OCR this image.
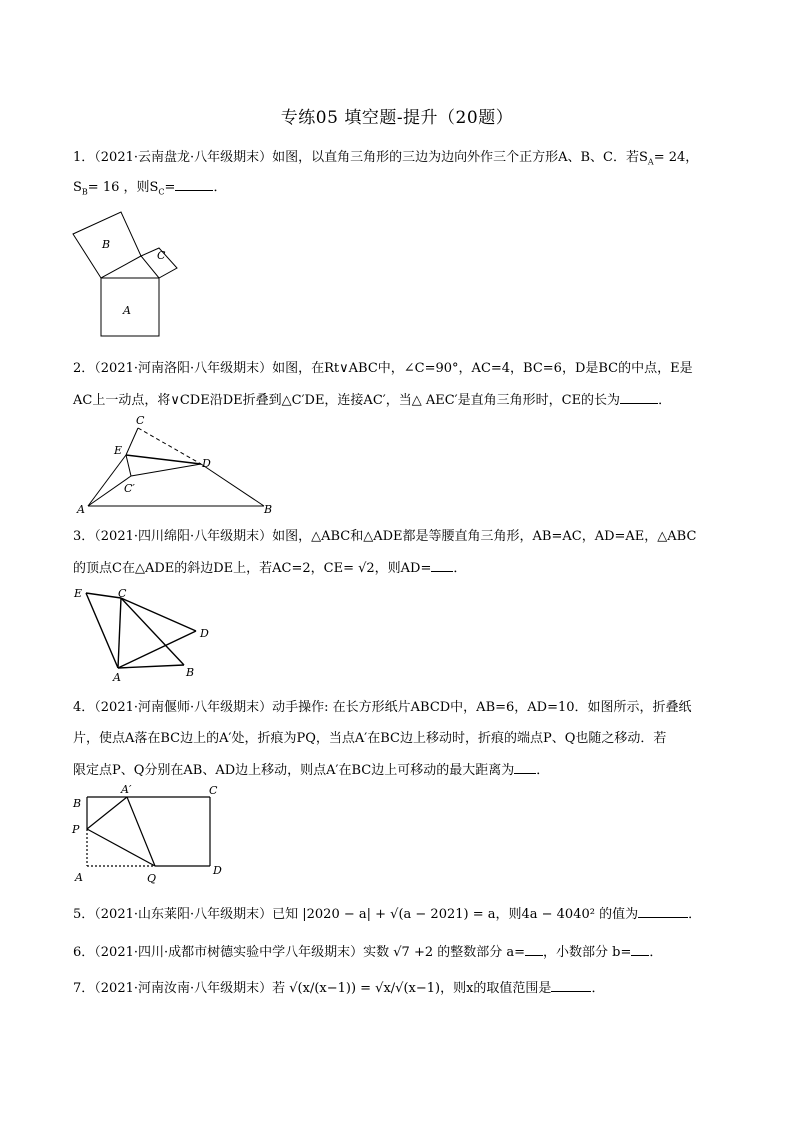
专练05 填空题-提升（20题）
1．（2021·云南盘龙·八年级期末）如图，以直角三角形的三边为边向外作三个正方形A、B、C．若$S_A= 24$，
$S_B= 16$ ，则$S_C=$	．
A
B
C
2．（2021·河南洛阳·八年级期末）如图，在Rt∨ABC中，∠C=90°，AC=4，BC=6，D是BC的中点，E是
AC上一动点，将∨CDE沿DE折叠到△C′DE，连接AC′，当△ AEC′是直角三角形时，CE的长为	．
A	B
C
D
E
C′
3．（2021·四川绵阳·八年级期末）如图，△ABC和△ADE都是等腰直角三角形，AB=AC，AD=AE，△ABC
的顶点C在△ADE的斜边DE上，若AC=2，CE= √2，则AD= ．
E	C
D
A	B
4．（2021·河南偃师·八年级期末）动手操作: 在长方形纸片ABCD中，AB=6，AD=10．如图所示，折叠纸
片，使点A落在BC边上的A′处，折痕为PQ，当点A′在BC边上移动时，折痕的端点P、Q也随之移动．若
限定点P、Q分别在AB、AD边上移动，则点A′在BC边上可移动的最大距离为 ．
B
A′	C
D
P
A	Q
5．（2021·山东莱阳·八年级期末）已知 |2020 − a| + √(a − 2021) = a，则4a − 4040² 的值为	．
6．（2021·四川·成都市树德实验中学八年级期末）实数 √7 +2 的整数部分 a= ，小数部分 b= ．
7．（2021·河南汝南·八年级期末）若 √(x/(x−1)) = √x/√(x−1)，则x的取值范围是	．
